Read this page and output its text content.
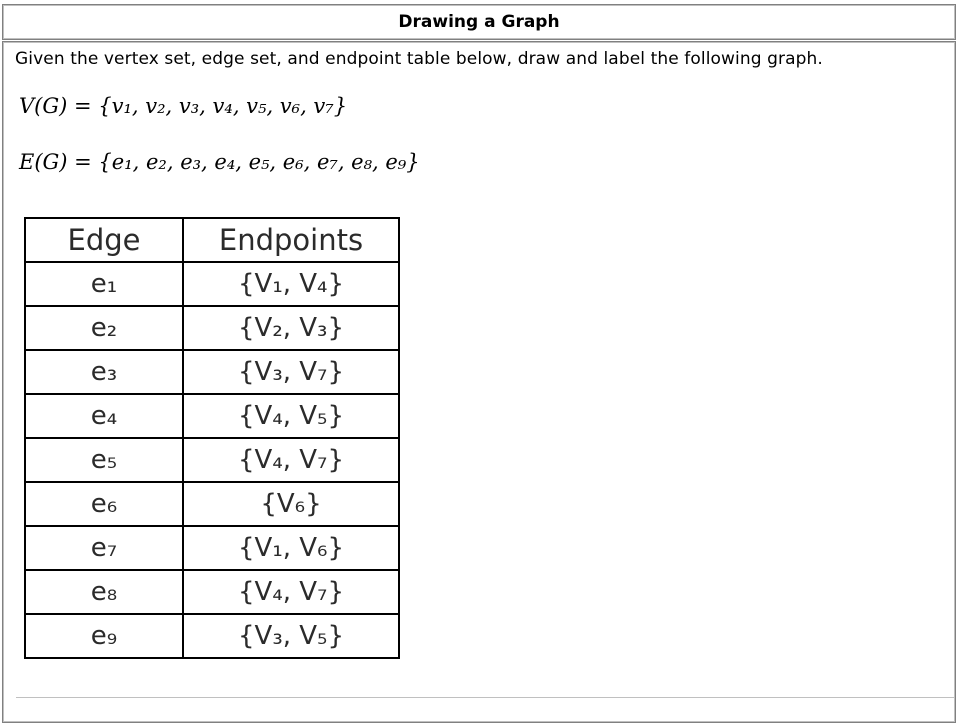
Drawing a Graph
Given the vertex set, edge set, and endpoint table below, draw and label the following graph.
V(G) = {v₁, v₂, v₃, v₄, v₅, v₆, v₇}
E(G) = {e₁, e₂, e₃, e₄, e₅, e₆, e₇, e₈, e₉}
Edge	Endpoints
e₁	{V₁, V₄}
e₂	{V₂, V₃}
e₃	{V₃, V₇}
e₄	{V₄, V₅}
e₅	{V₄, V₇}
e₆	{V₆}
e₇	{V₁, V₆}
e₈	{V₄, V₇}
e₉	{V₃, V₅}
